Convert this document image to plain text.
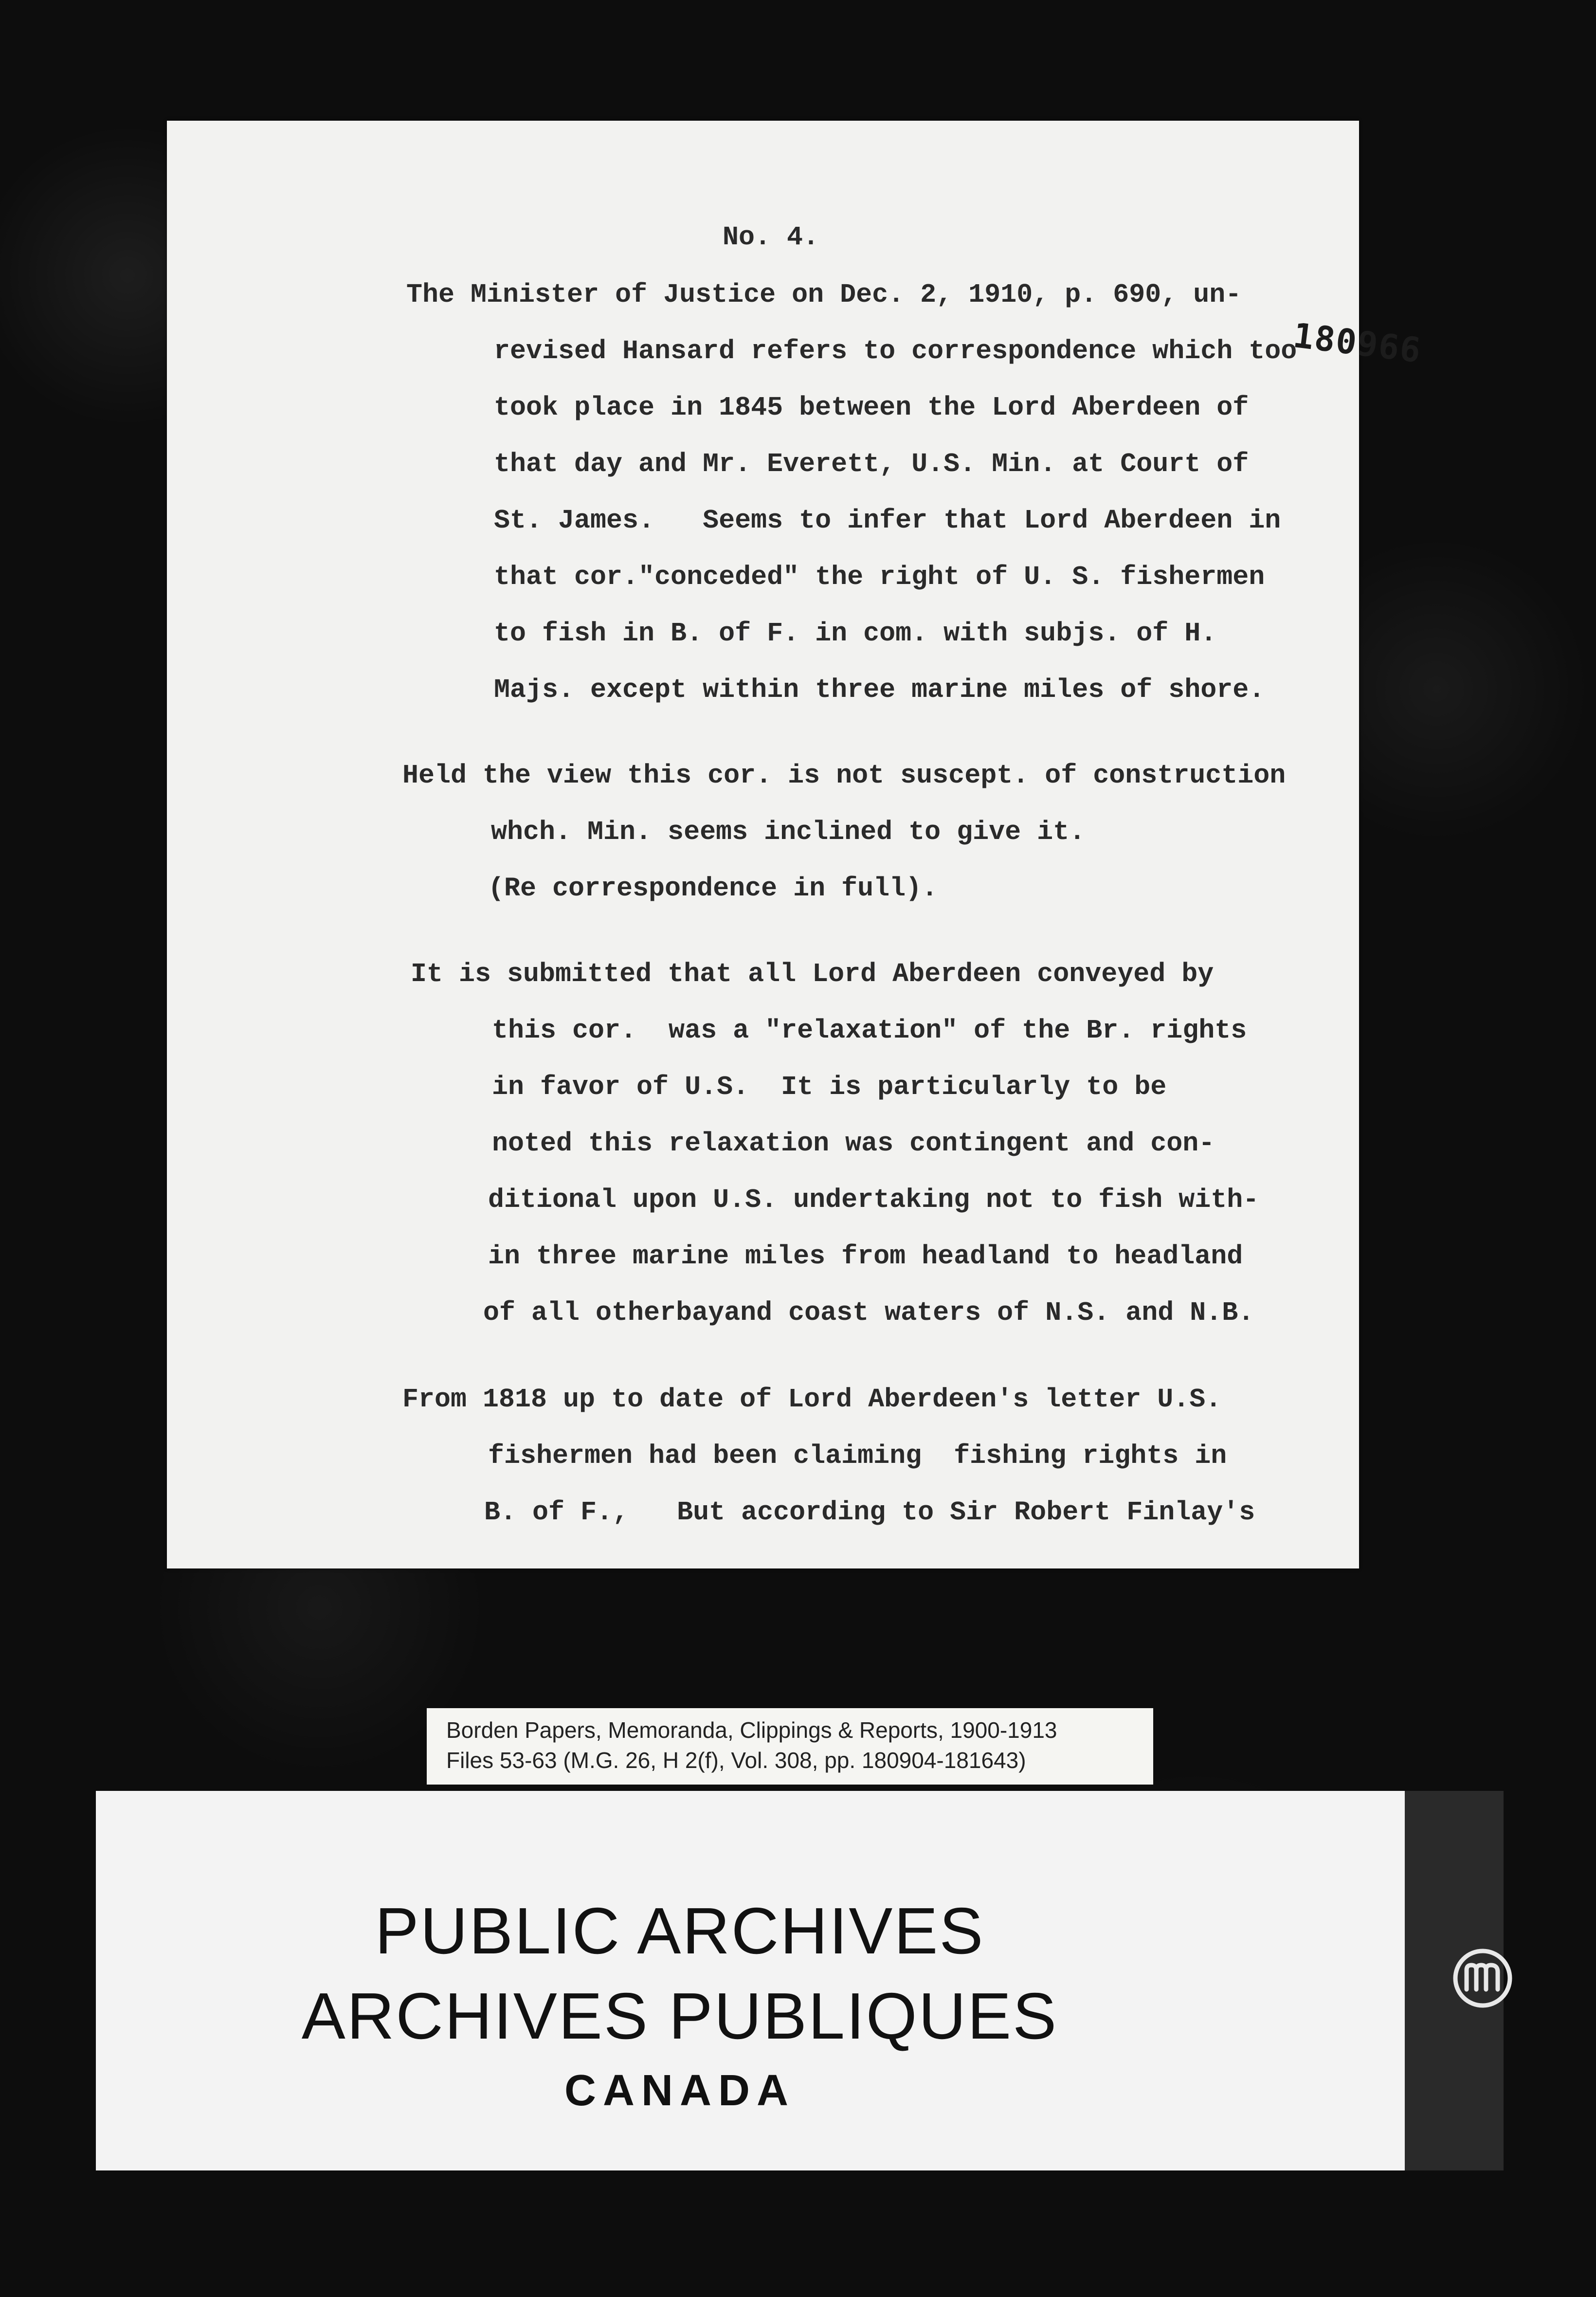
180966
No. 4.
The Minister of Justice on Dec. 2, 1910, p. 690, un-
revised Hansard refers to correspondence which too
took place in 1845 between the Lord Aberdeen of
that day and Mr. Everett, U.S. Min. at Court of
St. James.   Seems to infer that Lord Aberdeen in
that cor."conceded" the right of U. S. fishermen
to fish in B. of F. in com. with subjs. of H.
Majs. except within three marine miles of shore.
Held the view this cor. is not suscept. of construction
whch. Min. seems inclined to give it.
(Re correspondence in full).
It is submitted that all Lord Aberdeen conveyed by
this cor.  was a "relaxation" of the Br. rights
in favor of U.S.  It is particularly to be
noted this relaxation was contingent and con-
ditional upon U.S. undertaking not to fish with-
in three marine miles from headland to headland
of all otherbayand coast waters of N.S. and N.B.
From 1818 up to date of Lord Aberdeen's letter U.S.
fishermen had been claiming  fishing rights in
B. of F.,   But according to Sir Robert Finlay's
Borden Papers, Memoranda, Clippings & Reports, 1900-1913
Files 53-63 (M.G. 26, H 2(f), Vol. 308, pp. 180904-181643)
PUBLIC ARCHIVES
ARCHIVES PUBLIQUES
CANADA
